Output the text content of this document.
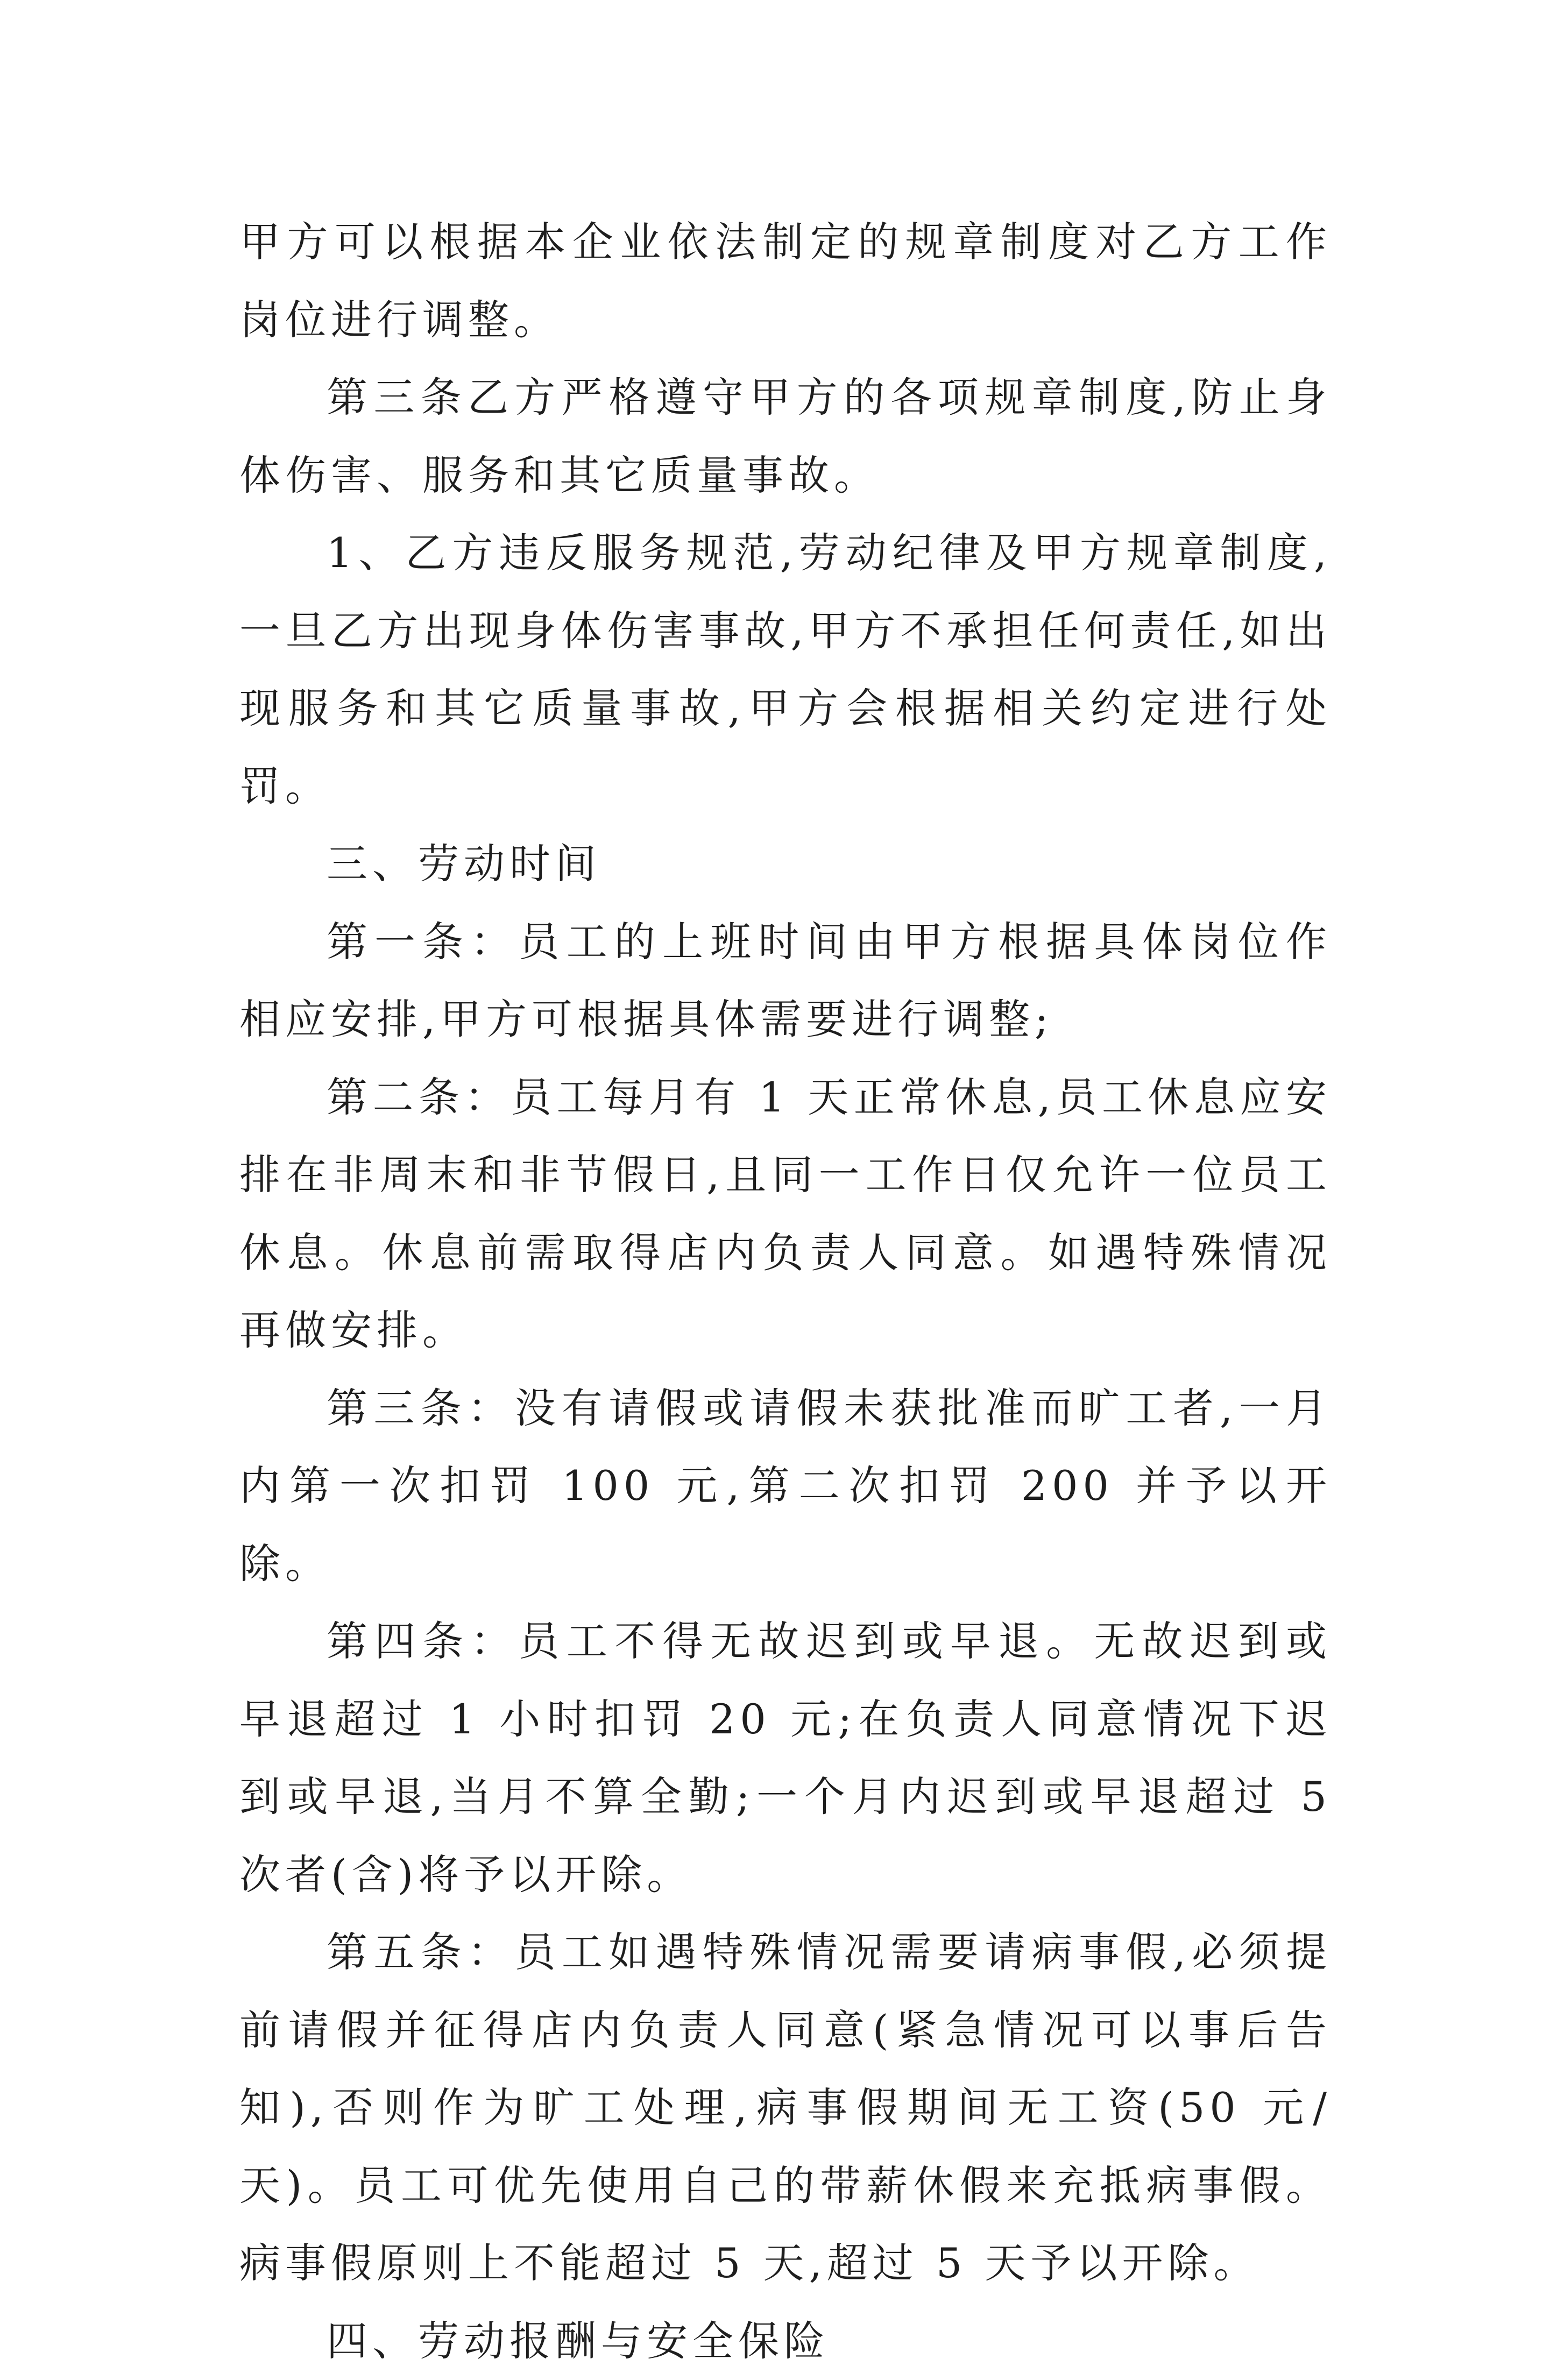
甲方可以根据本企业依法制定的规章制度对乙方工作岗位进行调整。

第三条乙方严格遵守甲方的各项规章制度,防止身体伤害、服务和其它质量事故。

1、乙方违反服务规范,劳动纪律及甲方规章制度,一旦乙方出现身体伤害事故,甲方不承担任何责任,如出现服务和其它质量事故,甲方会根据相关约定进行处罚。

三、劳动时间

第一条：员工的上班时间由甲方根据具体岗位作相应安排,甲方可根据具体需要进行调整;

第二条：员工每月有 1 天正常休息,员工休息应安排在非周末和非节假日,且同一工作日仅允许一位员工休息。休息前需取得店内负责人同意。如遇特殊情况再做安排。

第三条：没有请假或请假未获批准而旷工者,一月内第一次扣罚 100 元,第二次扣罚 200 并予以开除。

第四条：员工不得无故迟到或早退。无故迟到或早退超过 1 小时扣罚 20 元;在负责人同意情况下迟到或早退,当月不算全勤;一个月内迟到或早退超过 5 次者(含)将予以开除。

第五条：员工如遇特殊情况需要请病事假,必须提前请假并征得店内负责人同意(紧急情况可以事后告知),否则作为旷工处理,病事假期间无工资(50 元/天)。员工可优先使用自己的带薪休假来充抵病事假。病事假原则上不能超过 5 天,超过 5 天予以开除。

四、劳动报酬与安全保险
